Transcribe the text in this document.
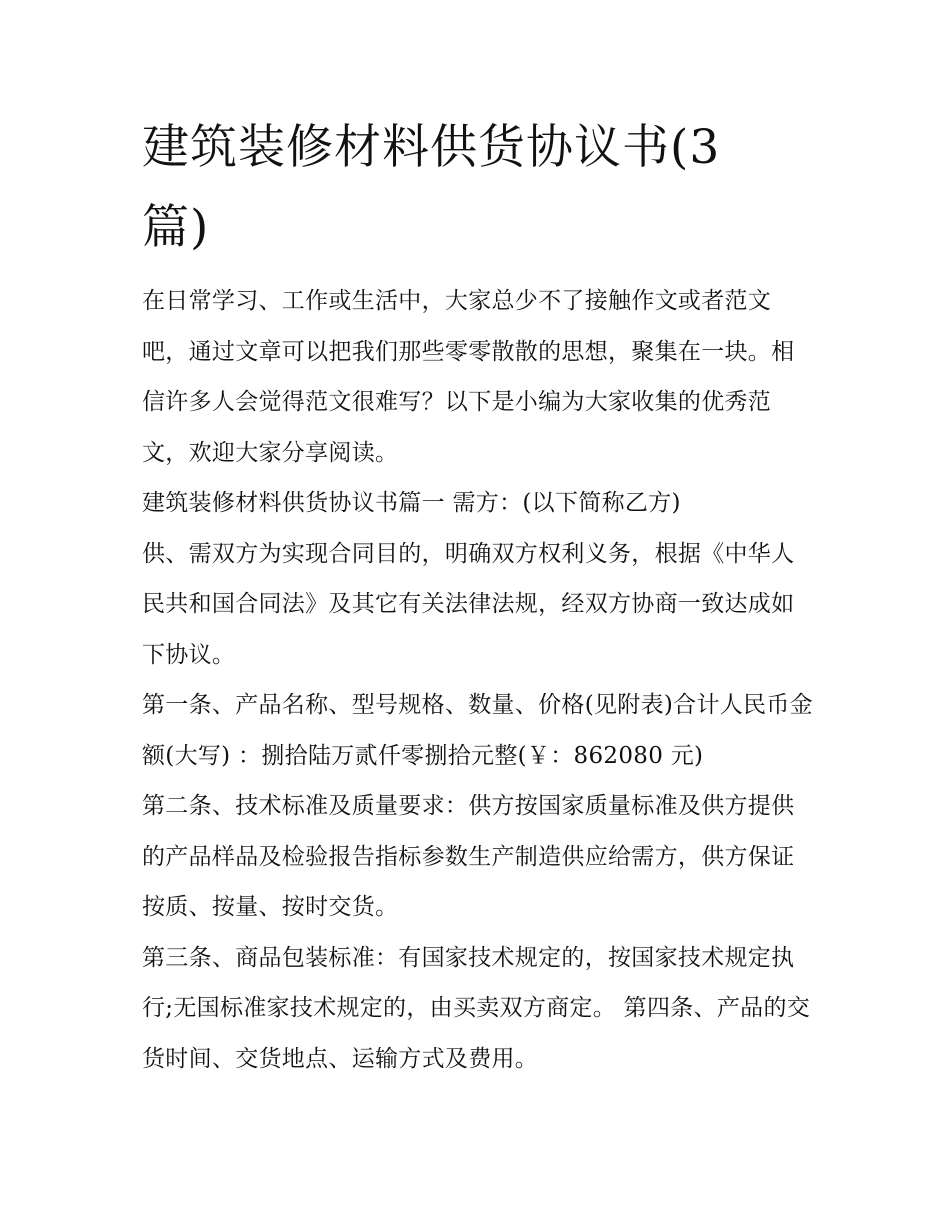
建筑装修材料供货协议书(3篇)

在日常学习、工作或生活中，大家总少不了接触作文或者范文吧，通过文章可以把我们那些零零散散的思想，聚集在一块。相信许多人会觉得范文很难写？以下是小编为大家收集的优秀范文，欢迎大家分享阅读。

建筑装修材料供货协议书篇一 需方：(以下简称乙方)

供、需双方为实现合同目的，明确双方权利义务，根据《中华人民共和国合同法》及其它有关法律法规，经双方协商一致达成如下协议。

第一条、产品名称、型号规格、数量、价格(见附表)合计人民币金额(大写) ：捌拾陆万贰仟零捌拾元整(￥：862080 元)

第二条、技术标准及质量要求：供方按国家质量标准及供方提供的产品样品及检验报告指标参数生产制造供应给需方，供方保证按质、按量、按时交货。

第三条、商品包装标准：有国家技术规定的，按国家技术规定执行;无国标准家技术规定的，由买卖双方商定。 第四条、产品的交货时间、交货地点、运输方式及费用。
